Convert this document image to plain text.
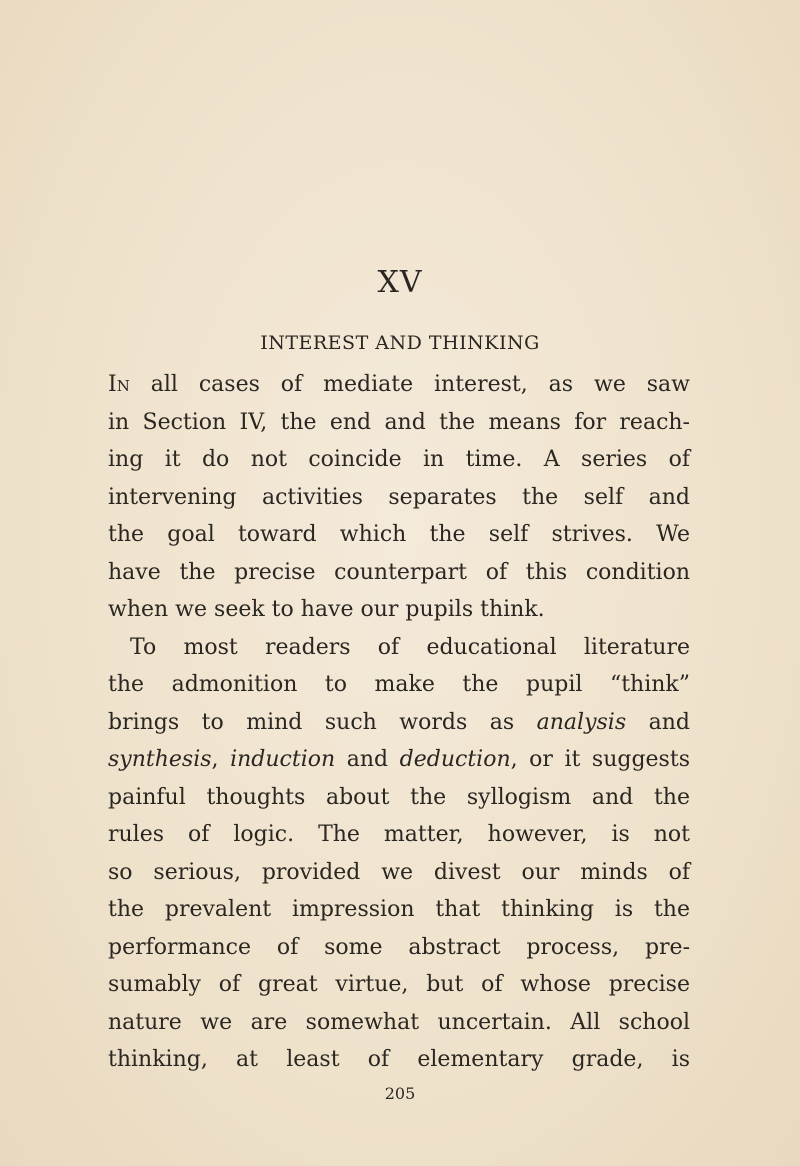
XV
INTEREST AND THINKING
In all cases of mediate interest, as we saw
in Section IV, the end and the means for reach-
ing it do not coincide in time. A series of
intervening activities separates the self and
the goal toward which the self strives. We
have the precise counterpart of this condition
when we seek to have our pupils think.
To most readers of educational literature
the admonition to make the pupil “think”
brings to mind such words as analysis and
synthesis, induction and deduction, or it suggests
painful thoughts about the syllogism and the
rules of logic. The matter, however, is not
so serious, provided we divest our minds of
the prevalent impression that thinking is the
performance of some abstract process, pre-
sumably of great virtue, but of whose precise
nature we are somewhat uncertain. All school
thinking, at least of elementary grade, is
205
